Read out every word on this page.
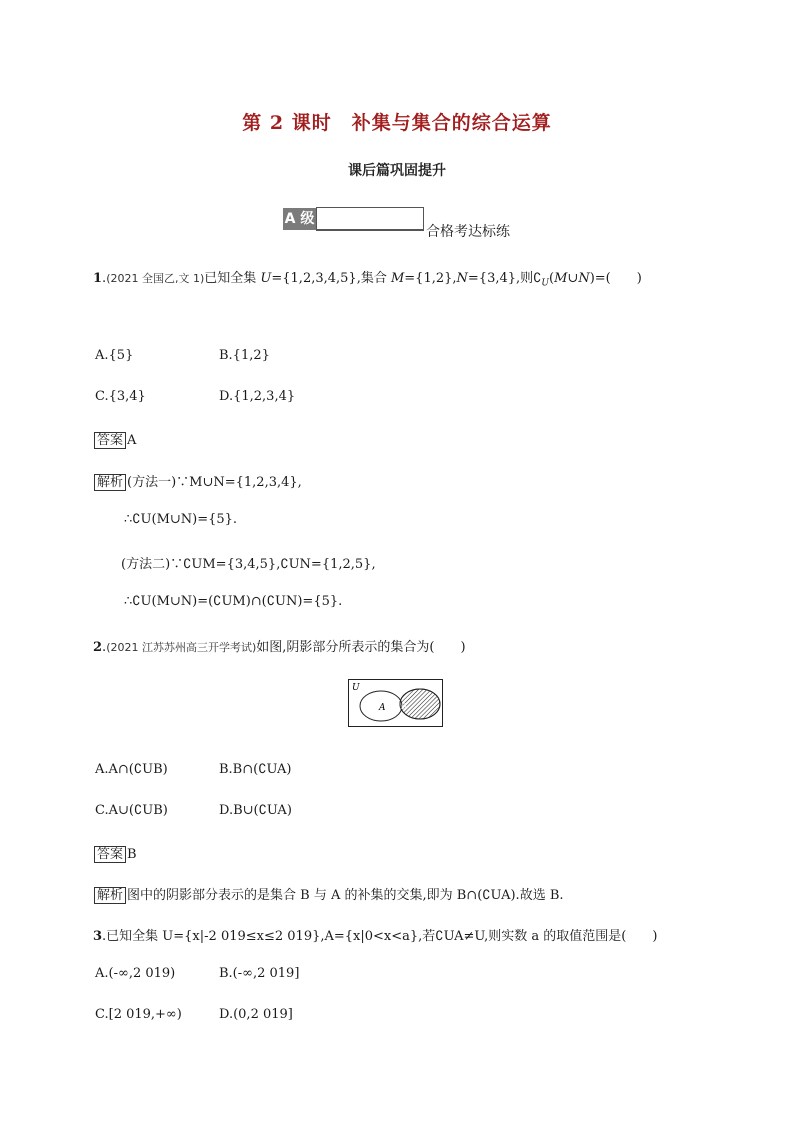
第 2 课时　补集与集合的综合运算
课后篇巩固提升
A 级
合格考达标练
1.(2021 全国乙,文 1)已知全集 U={1,2,3,4,5},集合 M={1,2},N={3,4},则$∁_U(M\cup N)=$(　　)
A.{5}	B.{1,2}
C.{3,4}	D.{1,2,3,4}
答案 A
解析 (方法一)∵M∪N={1,2,3,4},
∴∁U(M∪N)={5}.
(方法二)∵∁UM={3,4,5},∁UN={1,2,5},
∴∁U(M∪N)=(∁UM)∩(∁UN)={5}.
2.(2021 江苏苏州高三开学考试)如图,阴影部分所表示的集合为(　　)
U
A B
A.A∩(∁UB)	B.B∩(∁UA)
C.A∪(∁UB)	D.B∪(∁UA)
答案 B
解析 图中的阴影部分表示的是集合 B 与 A 的补集的交集,即为 B∩(∁UA).故选 B.
3.已知全集 U={x|-2 019≤x≤2 019},A={x|0<x<a},若∁UA≠U,则实数 a 的取值范围是(　　)
A.(-∞,2 019)	B.(-∞,2 019]
C.[2 019,+∞)	D.(0,2 019]
